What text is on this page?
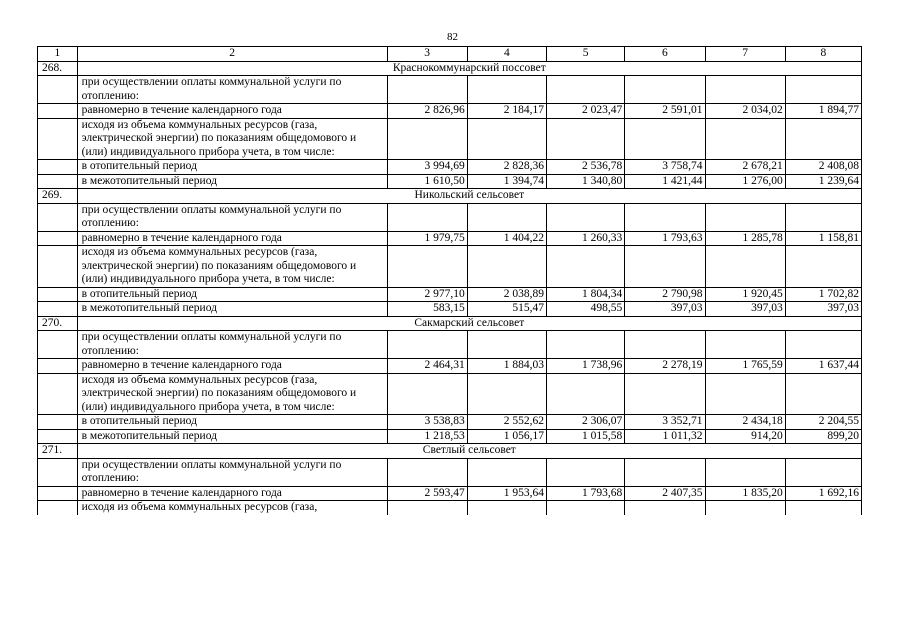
82
1	2	3	4	5	6	7	8
268.	Краснокоммунарский поссовет						
	при осуществлении оплаты коммунальной услуги по отоплению:						
	равномерно в течение календарного года	2 826,96	2 184,17	2 023,47	2 591,01	2 034,02	1 894,77
	исходя из объема коммунальных ресурсов (газа, электрической энергии) по показаниям общедомового и (или) индивидуального прибора учета, в том числе:						
	в отопительный период	3 994,69	2 828,36	2 536,78	3 758,74	2 678,21	2 408,08
	в межотопительный период	1 610,50	1 394,74	1 340,80	1 421,44	1 276,00	1 239,64
269.	Никольский сельсовет						
	при осуществлении оплаты коммунальной услуги по отоплению:						
	равномерно в течение календарного года	1 979,75	1 404,22	1 260,33	1 793,63	1 285,78	1 158,81
	исходя из объема коммунальных ресурсов (газа, электрической энергии) по показаниям общедомового и (или) индивидуального прибора учета, в том числе:						
	в отопительный период	2 977,10	2 038,89	1 804,34	2 790,98	1 920,45	1 702,82
	в межотопительный период	583,15	515,47	498,55	397,03	397,03	397,03
270.	Сакмарский сельсовет						
	при осуществлении оплаты коммунальной услуги по отоплению:						
	равномерно в течение календарного года	2 464,31	1 884,03	1 738,96	2 278,19	1 765,59	1 637,44
	исходя из объема коммунальных ресурсов (газа, электрической энергии) по показаниям общедомового и (или) индивидуального прибора учета, в том числе:						
	в отопительный период	3 538,83	2 552,62	2 306,07	3 352,71	2 434,18	2 204,55
	в межотопительный период	1 218,53	1 056,17	1 015,58	1 011,32	914,20	899,20
271.	Светлый сельсовет						
	при осуществлении оплаты коммунальной услуги по отоплению:						
	равномерно в течение календарного года	2 593,47	1 953,64	1 793,68	2 407,35	1 835,20	1 692,16
	исходя из объема коммунальных ресурсов (газа,						
